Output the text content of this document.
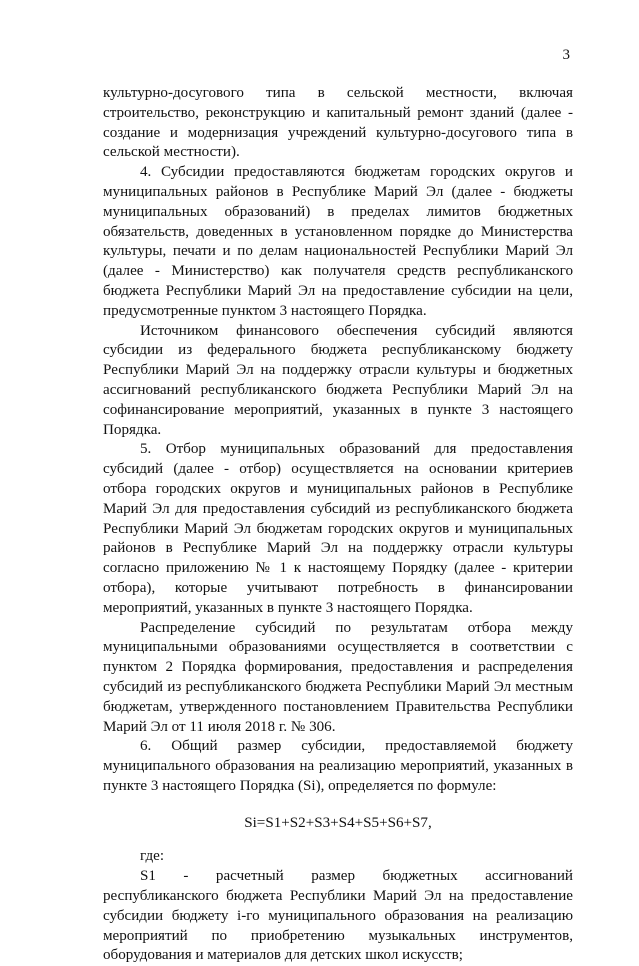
3

культурно-досугового типа в сельской местности, включая строительство, реконструкцию и капитальный ремонт зданий (далее - создание и модернизация учреждений культурно-досугового типа в сельской местности).

4. Субсидии предоставляются бюджетам городских округов и муниципальных районов в Республике Марий Эл (далее - бюджеты муниципальных образований) в пределах лимитов бюджетных обязательств, доведенных в установленном порядке до Министерства культуры, печати и по делам национальностей Республики Марий Эл (далее - Министерство) как получателя средств республиканского бюджета Республики Марий Эл на предоставление субсидии на цели, предусмотренные пунктом 3 настоящего Порядка.

Источником финансового обеспечения субсидий являются субсидии из федерального бюджета республиканскому бюджету Республики Марий Эл на поддержку отрасли культуры и бюджетных ассигнований республиканского бюджета Республики Марий Эл на софинансирование мероприятий, указанных в пункте 3 настоящего Порядка.

5. Отбор муниципальных образований для предоставления субсидий (далее - отбор) осуществляется на основании критериев отбора городских округов и муниципальных районов в Республике Марий Эл для предоставления субсидий из республиканского бюджета Республики Марий Эл бюджетам городских округов и муниципальных районов в Республике Марий Эл на поддержку отрасли культуры согласно приложению № 1 к настоящему Порядку (далее - критерии отбора), которые учитывают потребность в финансировании мероприятий, указанных в пункте 3 настоящего Порядка.

Распределение субсидий по результатам отбора между муниципальными образованиями осуществляется в соответствии с пунктом 2 Порядка формирования, предоставления и распределения субсидий из республиканского бюджета Республики Марий Эл местным бюджетам, утвержденного постановлением Правительства Республики Марий Эл от 11 июля 2018 г. № 306.

6. Общий размер субсидии, предоставляемой бюджету муниципального образования на реализацию мероприятий, указанных в пункте 3 настоящего Порядка (Si), определяется по формуле:

Si=S1+S2+S3+S4+S5+S6+S7,

где:

S1 - расчетный размер бюджетных ассигнований республиканского бюджета Республики Марий Эл на предоставление субсидии бюджету i-го муниципального образования на реализацию мероприятий по приобретению музыкальных инструментов, оборудования и материалов для детских школ искусств;
